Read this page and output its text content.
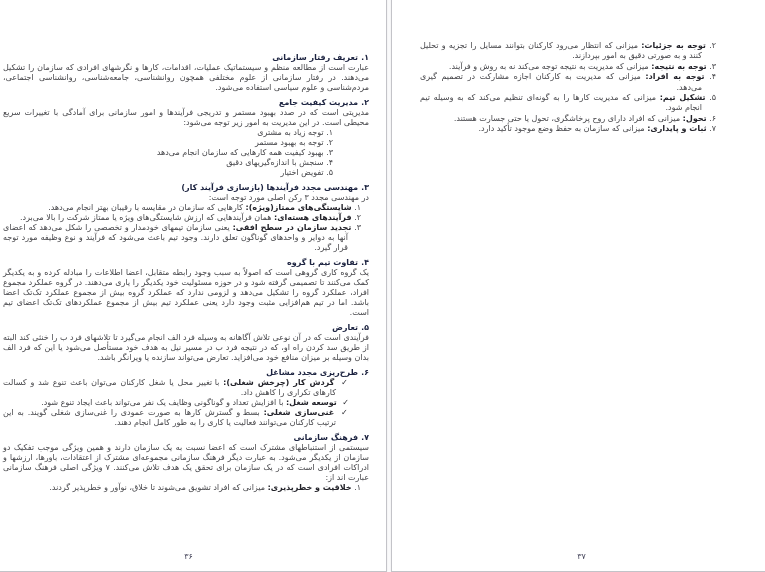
۱.تعریف رفتار سازمانی

عبارت است از مطالعه منظم و سیستماتیک عملیات، اقدامات، کارها و نگرشهای افرادی که سازمان را تشکیل می‌دهند. در رفتار سازمانی از علوم مختلفی همچون روانشناسی، جامعه‌شناسی، روانشناسی اجتماعی، مردم‌شناسی و علوم سیاسی استفاده می‌شود.

۲.مدیریت کیفیت جامع

مدیریتی است که در صدد بهبود مستمر و تدریجی فرآیندها و امور سازمانی برای آمادگی با تغییرات سریع محیطی است. در این مدیریت به امور زیر توجه می‌شود:

۱. توجه زیاد به مشتری
۲. توجه به بهبود مستمر
۳. بهبود کیفیت همه کارهایی که سازمان انجام می‌دهد
۴. سنجش با اندازه‌گیریهای دقیق
۵. تفویض اختیار
۳.مهندسی مجدد فرآیندها (بازسازی فرآیند کار)

در مهندسی مجدد ۳ رکن اصلی مورد توجه است:

۱. شایستگی‌های ممتاز(ویژه): کارهایی که سازمان در مقایسه با رقیبان بهتر انجام می‌دهد.
۲. فرآیندهای هسته‌ای: همان فرآیندهایی که ارزش شایستگی‌های ویژه یا ممتاز شرکت را بالا می‌برد.
۳. تجدید سازمان در سطح افقی: یعنی سازمان تیمهای خودمدار و تخصصی را شکل می‌دهد که اعضای آنها به دوایر و واحدهای گوناگون تعلق دارند. وجود تیم باعث می‌شود که فرآیند و نوع وظیفه مورد توجه قرار گیرد.
۴.تفاوت تیم با گروه

یک گروه کاری گروهی است که اصولاً به سبب وجود رابطه متقابل، اعضا اطلاعات را مبادله کرده و به یکدیگر کمک می‌کنند تا تصمیمی گرفته شود و در حوزه مسئولیت خود یکدیگر را یاری می‌دهند. در گروه عملکرد مجموع افراد، عملکرد گروه را تشکیل می‌دهد و لزومی ندارد که عملکرد گروه بیش از مجموع عملکرد تک‌تک اعضا باشد. اما در تیم هم‌افزایی مثبت وجود دارد یعنی عملکرد تیم بیش از مجموع عملکردهای تک‌تک اعضای تیم است.

۵.تعارض

فرآیندی است که در آن نوعی تلاش آگاهانه به وسیله فرد الف انجام می‌گیرد تا تلاشهای فرد ب را خنثی کند البته از طریق سد کردن راه او، که در نتیجه فرد ب در مسیر نیل به هدف خود مستأصل می‌شود یا این که فرد الف بدان وسیله بر میزان منافع خود می‌افزاید. تعارض می‌تواند سازنده یا ویرانگر باشد.

۶.طرح‌ریزی مجدد مشاغل
✓ گردش کار (چرخش شغلی): با تغییر محل یا شغل کارکنان می‌توان باعث تنوع شد و کسالت کارهای تکراری را کاهش داد.
✓ توسعه شغل: با افزایش تعداد و گوناگونی وظایف یک نفر می‌تواند باعث ایجاد تنوع شود.
✓ غنی‌سازی شغلی: بسط و گسترش کارها به صورت عمودی را غنی‌سازی شغلی گویند. به این ترتیب کارکنان می‌توانند فعالیت یا کاری را به طور کامل انجام دهند.
۷.فرهنگ سازمانی

سیستمی از استنباطهای مشترک است که اعضا نسبت به یک سازمان دارند و همین ویژگی موجب تفکیک دو سازمان از یکدیگر می‌شود. به عبارت دیگر فرهنگ سازمانی مجموعه‌ای مشترک از اعتقادات، باورها، ارزشها و ادراکات افرادی است که در یک سازمان برای تحقق یک هدف تلاش می‌کنند. ۷ ویژگی اصلی فرهنگ سازمانی عبارت اند از:

۱. خلاقیت و خطرپذیری: میزانی که افراد تشویق می‌شوند تا خلاق، نوآور و خطرپذیر گردند.
۳۶
۲. توجه به جزئیات: میزانی که انتظار می‌رود کارکنان بتوانند مسایل را تجزیه و تحلیل کنند و به صورتی دقیق به امور بپردازند.
۳. توجه به نتیجه: میزانی که مدیریت به نتیجه توجه می‌کند نه به روش و فرآیند.
۴. توجه به افراد: میزانی که مدیریت به کارکنان اجازه مشارکت در تصمیم گیری می‌دهد.
۵. تشکیل تیم: میزانی که مدیریت کارها را به گونه‌ای تنظیم می‌کند که به وسیله تیم انجام شود.
۶. تحول: میزانی که افراد دارای روح پرخاشگری، تحول یا حتی جسارت هستند.
۷. ثبات و پایداری: میزانی که سازمان به حفظ وضع موجود تأکید دارد.
۳۷
